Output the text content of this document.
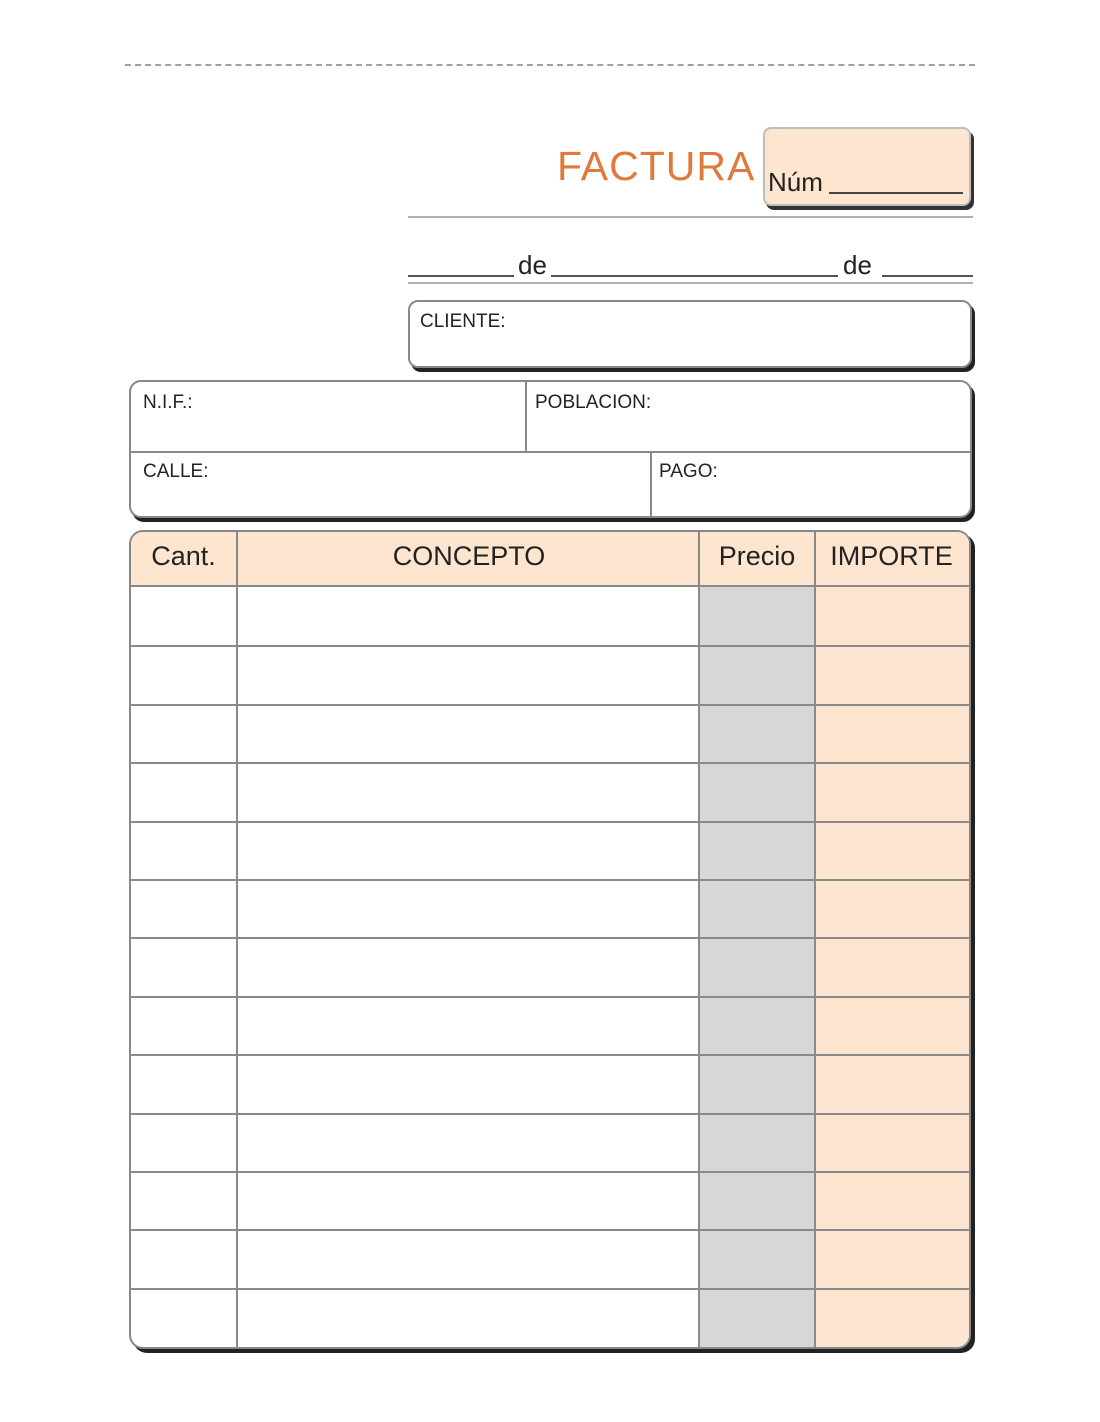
FACTURA Núm
de	de
CLIENTE:
N.I.F.:	POBLACION:
CALLE:	PAGO:
Cant.	CONCEPTO	Precio	IMPORTE
